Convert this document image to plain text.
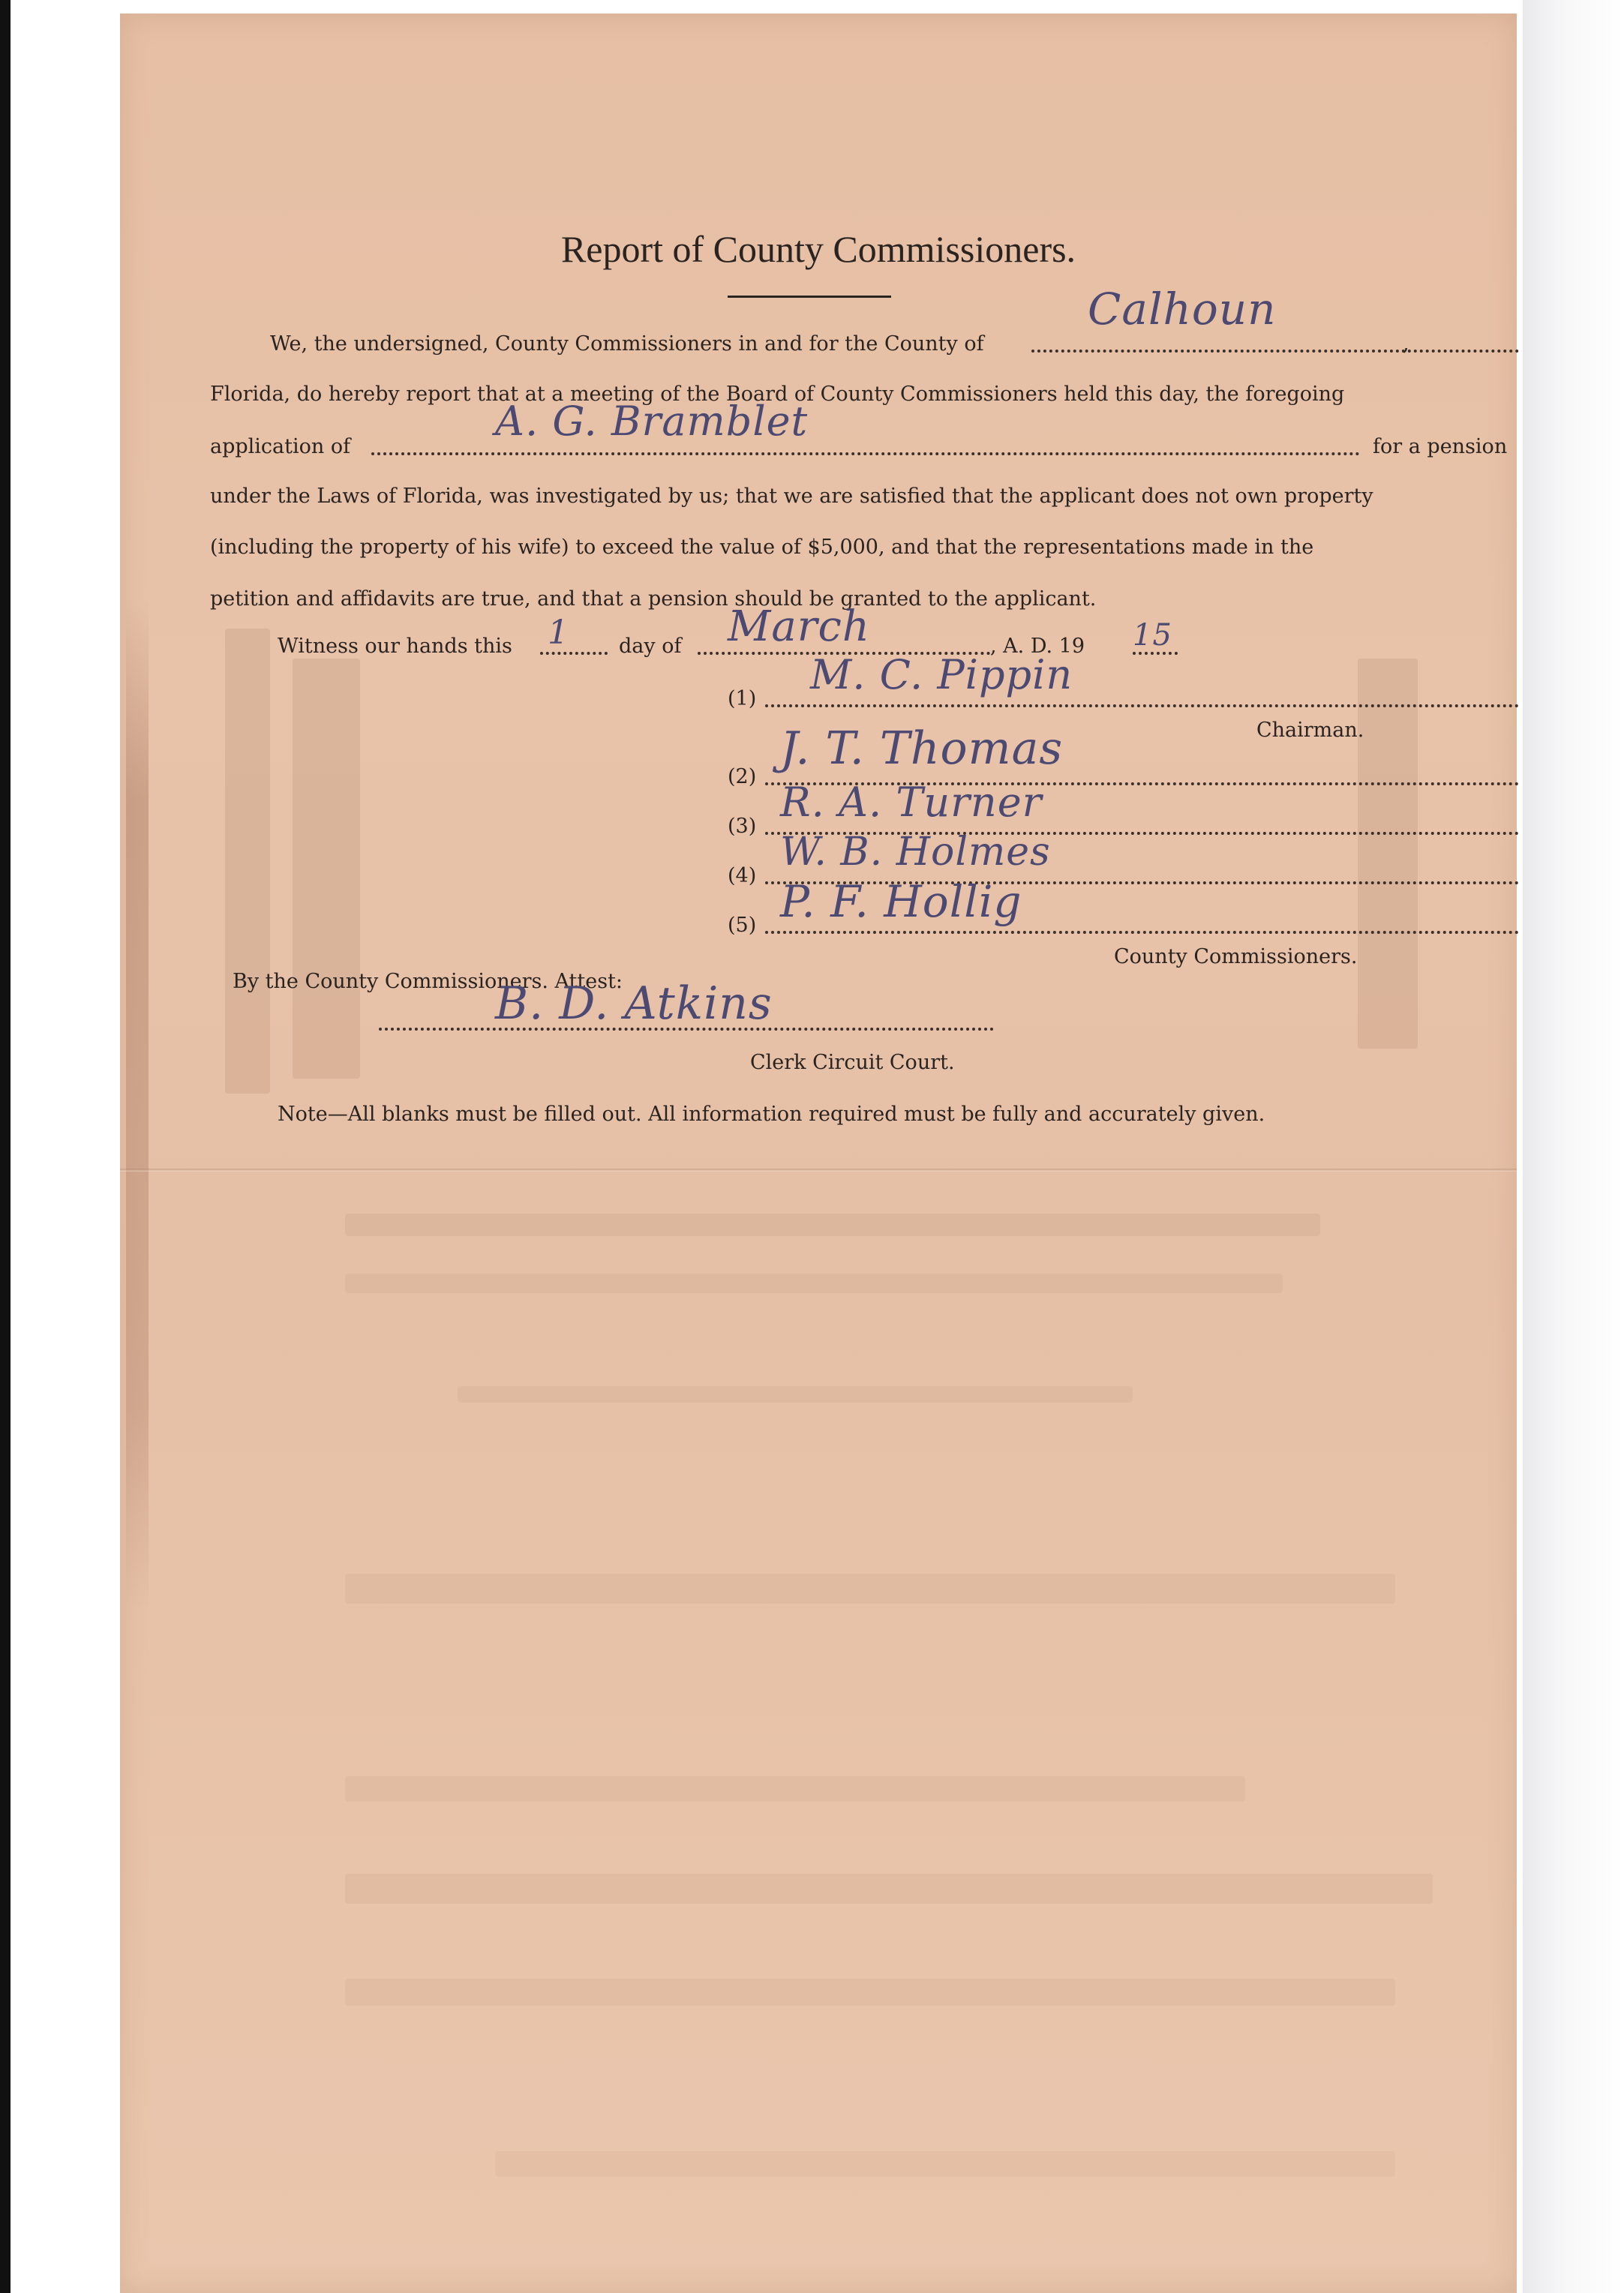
Report of County Commissioners.
We, the undersigned, County Commissioners in and for the County of
Calhoun
,
Florida, do hereby report that at a meeting of the Board of County Commissioners held this day, the foregoing
application of
A. G. Bramblet
for a pension
under the Laws of Florida, was investigated by us; that we are satisfied that the applicant does not own property
(including the property of his wife) to exceed the value of $5,000, and that the representations made in the
petition and affidavits are true, and that a pension should be granted to the applicant.
Witness our hands this 1 day of March	, A. D. 19 15
(1)
M. C. Pippin
Chairman.
(2)
J. T. Thomas
(3)
R. A. Turner
(4)
W. B. Holmes
(5) P. F. Hollig
County Commissioners.
By the County Commissioners. Attest:
B. D. Atkins
Clerk Circuit Court.
Note—All blanks must be filled out. All information required must be fully and accurately given.
